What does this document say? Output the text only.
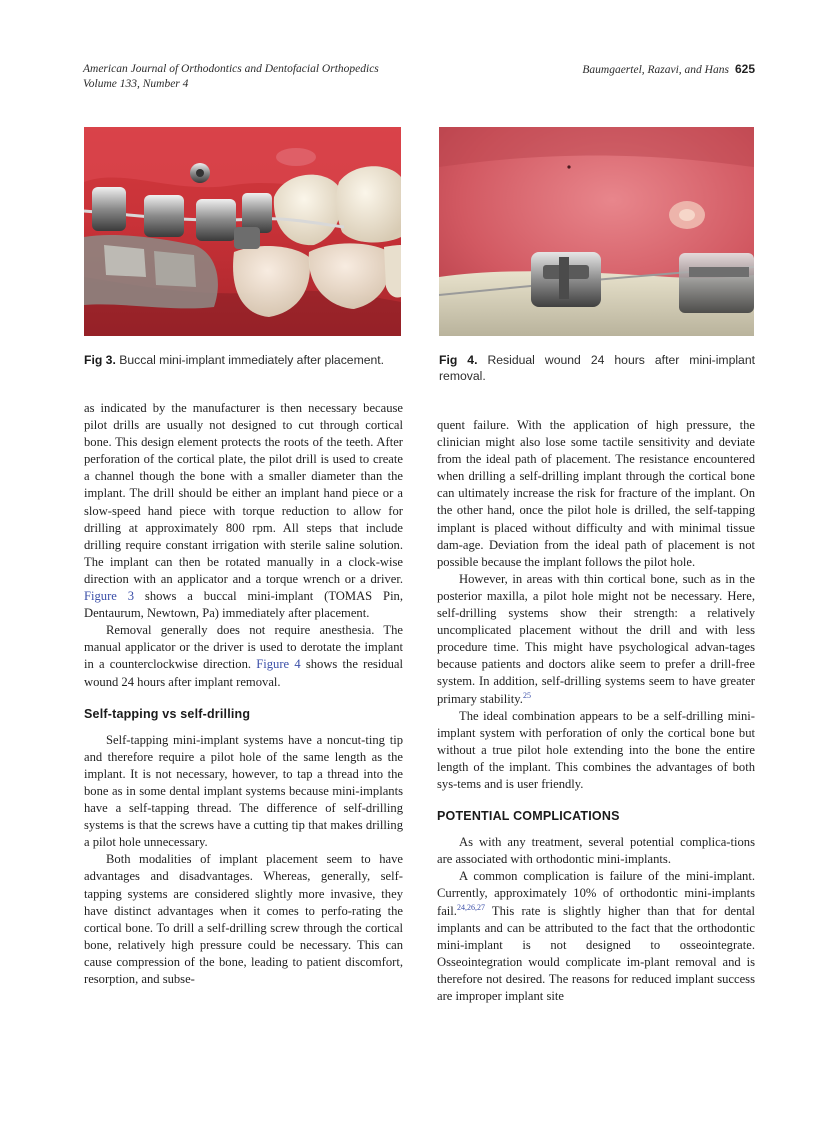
American Journal of Orthodontics and Dentofacial Orthopedics
Volume 133, Number 4
Baumgaertel, Razavi, and Hans 625
Fig 3. Buccal mini-implant immediately after placement.	Fig 4. Residual wound 24 hours after mini-implant removal.

as indicated by the manufacturer is then necessary because pilot drills are usually not designed to cut through cortical bone. This design element protects the roots of the teeth. After perforation of the cortical plate, the pilot drill is used to create a channel though the bone with a smaller diameter than the implant. The drill should be either an implant hand piece or a slow-speed hand piece with torque reduction to allow for drilling at approximately 800 rpm. All steps that include drilling require constant irrigation with sterile saline solution. The implant can then be rotated manually in a clock-wise direction with an applicator and a torque wrench or a driver. Figure 3 shows a buccal mini-implant (TOMAS Pin, Dentaurum, Newtown, Pa) immediately after placement.

Removal generally does not require anesthesia. The manual applicator or the driver is used to derotate the implant in a counterclockwise direction. Figure 4 shows the residual wound 24 hours after implant removal.

Self-tapping vs self-drilling

Self-tapping mini-implant systems have a noncut-ting tip and therefore require a pilot hole of the same length as the implant. It is not necessary, however, to tap a thread into the bone as in some dental implant systems because mini-implants have a self-tapping thread. The difference of self-drilling systems is that the screws have a cutting tip that makes drilling a pilot hole unnecessary.

Both modalities of implant placement seem to have advantages and disadvantages. Whereas, generally, self-tapping systems are considered slightly more invasive, they have distinct advantages when it comes to perfo-rating the cortical bone. To drill a self-drilling screw through the cortical bone, relatively high pressure could be necessary. This can cause compression of the bone, leading to patient discomfort, resorption, and subse-

quent failure. With the application of high pressure, the clinician might also lose some tactile sensitivity and deviate from the ideal path of placement. The resistance encountered when drilling a self-drilling implant through the cortical bone can ultimately increase the risk for fracture of the implant. On the other hand, once the pilot hole is drilled, the self-tapping implant is placed without difficulty and with minimal tissue dam-age. Deviation from the ideal path of placement is not possible because the implant follows the pilot hole.

However, in areas with thin cortical bone, such as in the posterior maxilla, a pilot hole might not be necessary. Here, self-drilling systems show their strength: a relatively uncomplicated placement without the drill and with less procedure time. This might have psychological advan-tages because patients and doctors alike seem to prefer a drill-free system. In addition, self-drilling systems seem to have greater primary stability.$^{25}$

The ideal combination appears to be a self-drilling mini-implant system with perforation of only the cortical bone but without a true pilot hole extending into the bone the entire length of the implant. This combines the advantages of both sys-tems and is user friendly.

POTENTIAL COMPLICATIONS

As with any treatment, several potential complica-tions are associated with orthodontic mini-implants.

A common complication is failure of the mini-implant. Currently, approximately 10% of orthodontic mini-implants fail.$^{24,26,27}$ This rate is slightly higher than that for dental implants and can be attributed to the fact that the orthodontic mini-implant is not designed to osseointegrate. Osseointegration would complicate im-plant removal and is therefore not desired. The reasons for reduced implant success are improper implant site
